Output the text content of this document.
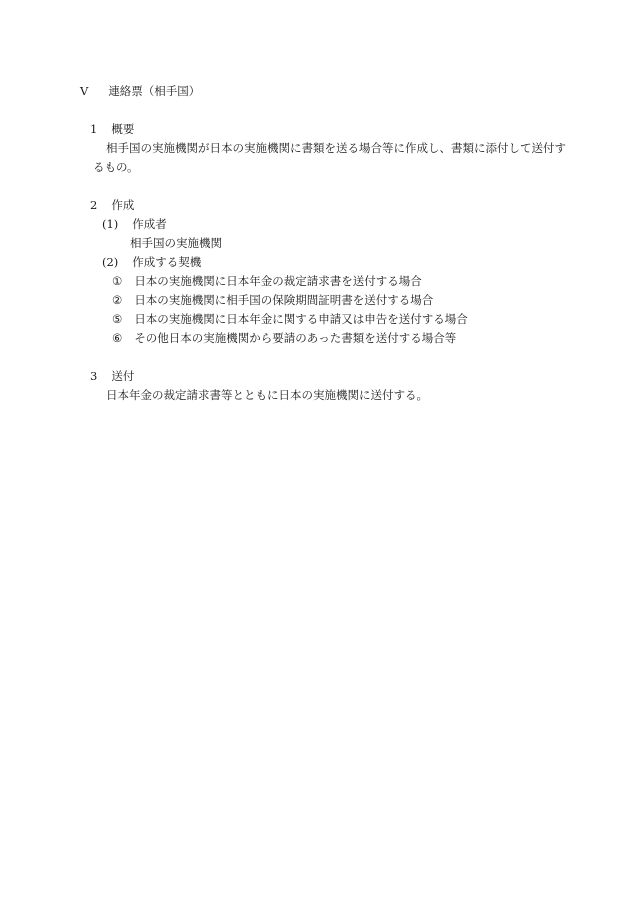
V 連絡票（相手国）
1 概要
相手国の実施機関が日本の実施機関に書類を送る場合等に作成し、書類に添付して送付す
るもの。
2 作成
(1) 作成者
相手国の実施機関
(2) 作成する契機
① 日本の実施機関に日本年金の裁定請求書を送付する場合
② 日本の実施機関に相手国の保険期間証明書を送付する場合
⑤ 日本の実施機関に日本年金に関する申請又は申告を送付する場合
⑥ その他日本の実施機関から要請のあった書類を送付する場合等
3 送付
日本年金の裁定請求書等とともに日本の実施機関に送付する。
